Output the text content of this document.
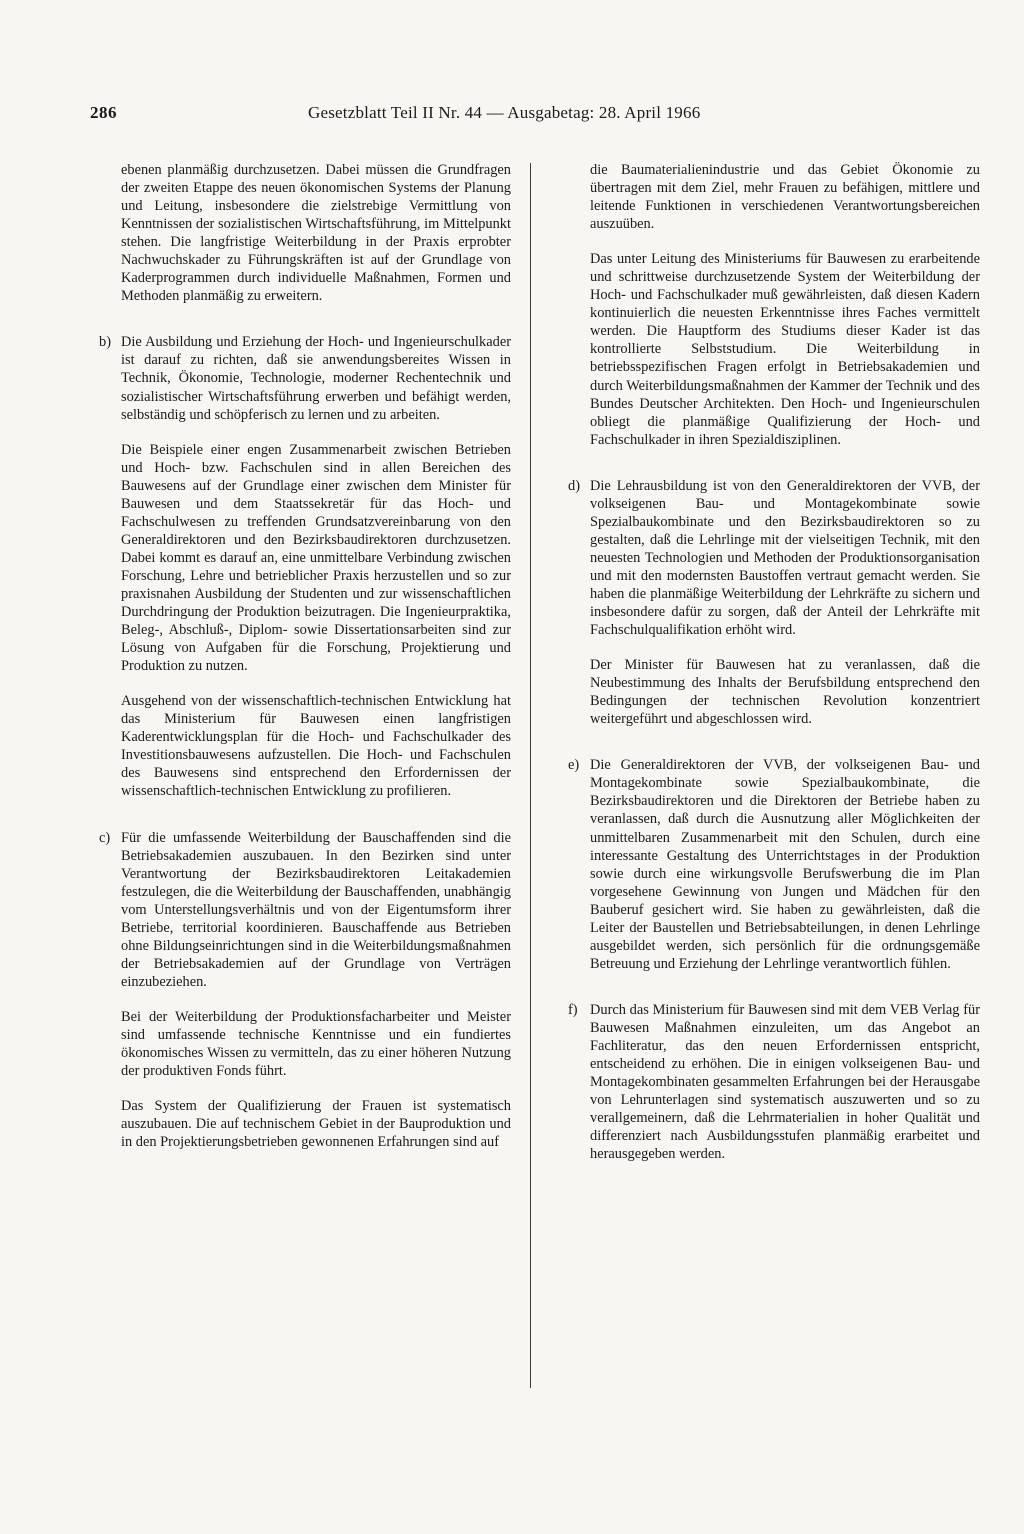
286	Gesetzblatt Teil II Nr. 44 — Ausgabetag: 28. April 1966

ebenen planmäßig durchzusetzen. Dabei müssen die Grundfragen der zweiten Etappe des neuen ökonomischen Systems der Planung und Leitung, insbesondere die zielstrebige Vermittlung von Kenntnissen der sozialistischen Wirtschaftsführung, im Mittelpunkt stehen. Die langfristige Weiterbildung in der Praxis erprobter Nachwuchskader zu Führungskräften ist auf der Grundlage von Kaderprogrammen durch individuelle Maßnahmen, Formen und Methoden planmäßig zu erweitern.

b) Die Ausbildung und Erziehung der Hoch- und Ingenieurschulkader ist darauf zu richten, daß sie anwendungsbereites Wissen in Technik, Ökonomie, Technologie, moderner Rechentechnik und sozialistischer Wirtschaftsführung erwerben und befähigt werden, selbständig und schöpferisch zu lernen und zu arbeiten.

Die Beispiele einer engen Zusammenarbeit zwischen Betrieben und Hoch- bzw. Fachschulen sind in allen Bereichen des Bauwesens auf der Grundlage einer zwischen dem Minister für Bauwesen und dem Staatssekretär für das Hoch- und Fachschulwesen zu treffenden Grundsatzvereinbarung von den Generaldirektoren und den Bezirksbaudirektoren durchzusetzen. Dabei kommt es darauf an, eine unmittelbare Verbindung zwischen Forschung, Lehre und betrieblicher Praxis herzustellen und so zur praxisnahen Ausbildung der Studenten und zur wissenschaftlichen Durchdringung der Produktion beizutragen. Die Ingenieurpraktika, Beleg-, Abschluß-, Diplom- sowie Dissertationsarbeiten sind zur Lösung von Aufgaben für die Forschung, Projektierung und Produktion zu nutzen.

Ausgehend von der wissenschaftlich-technischen Entwicklung hat das Ministerium für Bauwesen einen langfristigen Kaderentwicklungsplan für die Hoch- und Fachschulkader des Investitionsbauwesens aufzustellen. Die Hoch- und Fachschulen des Bauwesens sind entsprechend den Erfordernissen der wissenschaftlich-technischen Entwicklung zu profilieren.

c) Für die umfassende Weiterbildung der Bauschaffenden sind die Betriebsakademien auszubauen. In den Bezirken sind unter Verantwortung der Bezirksbaudirektoren Leitakademien festzulegen, die die Weiterbildung der Bauschaffenden, unabhängig vom Unterstellungsverhältnis und von der Eigentumsform ihrer Betriebe, territorial koordinieren. Bauschaffende aus Betrieben ohne Bildungseinrichtungen sind in die Weiterbildungsmaßnahmen der Betriebsakademien auf der Grundlage von Verträgen einzubeziehen.

Bei der Weiterbildung der Produktionsfacharbeiter und Meister sind umfassende technische Kenntnisse und ein fundiertes ökonomisches Wissen zu vermitteln, das zu einer höheren Nutzung der produktiven Fonds führt.

Das System der Qualifizierung der Frauen ist systematisch auszubauen. Die auf technischem Gebiet in der Bauproduktion und in den Projektierungsbetrieben gewonnenen Erfahrungen sind auf

die Baumaterialienindustrie und das Gebiet Ökonomie zu übertragen mit dem Ziel, mehr Frauen zu befähigen, mittlere und leitende Funktionen in verschiedenen Verantwortungsbereichen auszuüben.

Das unter Leitung des Ministeriums für Bauwesen zu erarbeitende und schrittweise durchzusetzende System der Weiterbildung der Hoch- und Fachschulkader muß gewährleisten, daß diesen Kadern kontinuierlich die neuesten Erkenntnisse ihres Faches vermittelt werden. Die Hauptform des Studiums dieser Kader ist das kontrollierte Selbststudium. Die Weiterbildung in betriebsspezifischen Fragen erfolgt in Betriebsakademien und durch Weiterbildungsmaßnahmen der Kammer der Technik und des Bundes Deutscher Architekten. Den Hoch- und Ingenieurschulen obliegt die planmäßige Qualifizierung der Hoch- und Fachschulkader in ihren Spezialdisziplinen.

d) Die Lehrausbildung ist von den Generaldirektoren der VVB, der volkseigenen Bau- und Montagekombinate sowie Spezialbaukombinate und den Bezirksbaudirektoren so zu gestalten, daß die Lehrlinge mit der vielseitigen Technik, mit den neuesten Technologien und Methoden der Produktionsorganisation und mit den modernsten Baustoffen vertraut gemacht werden. Sie haben die planmäßige Weiterbildung der Lehrkräfte zu sichern und insbesondere dafür zu sorgen, daß der Anteil der Lehrkräfte mit Fachschulqualifikation erhöht wird.

Der Minister für Bauwesen hat zu veranlassen, daß die Neubestimmung des Inhalts der Berufsbildung entsprechend den Bedingungen der technischen Revolution konzentriert weitergeführt und abgeschlossen wird.

e) Die Generaldirektoren der VVB, der volkseigenen Bau- und Montagekombinate sowie Spezialbaukombinate, die Bezirksbaudirektoren und die Direktoren der Betriebe haben zu veranlassen, daß durch die Ausnutzung aller Möglichkeiten der unmittelbaren Zusammenarbeit mit den Schulen, durch eine interessante Gestaltung des Unterrichtstages in der Produktion sowie durch eine wirkungsvolle Berufswerbung die im Plan vorgesehene Gewinnung von Jungen und Mädchen für den Bauberuf gesichert wird. Sie haben zu gewährleisten, daß die Leiter der Baustellen und Betriebsabteilungen, in denen Lehrlinge ausgebildet werden, sich persönlich für die ordnungsgemäße Betreuung und Erziehung der Lehrlinge verantwortlich fühlen.

f) Durch das Ministerium für Bauwesen sind mit dem VEB Verlag für Bauwesen Maßnahmen einzuleiten, um das Angebot an Fachliteratur, das den neuen Erfordernissen entspricht, entscheidend zu erhöhen. Die in einigen volkseigenen Bau- und Montagekombinaten gesammelten Erfahrungen bei der Herausgabe von Lehrunterlagen sind systematisch auszuwerten und so zu verallgemeinern, daß die Lehrmaterialien in hoher Qualität und differenziert nach Ausbildungsstufen planmäßig erarbeitet und herausgegeben werden.
